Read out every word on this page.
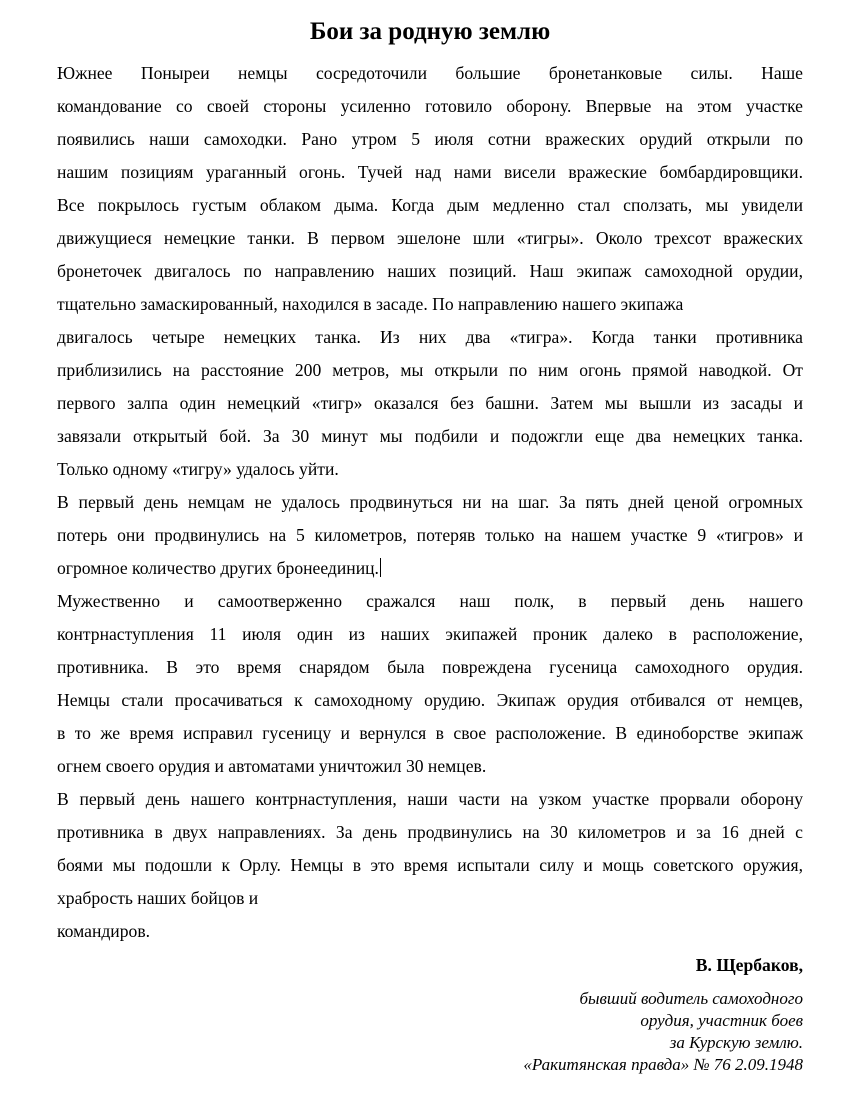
Бои за родную землю
Южнее Поныреи немцы сосредоточили большие бронетанковые силы. Наше
командование со своей стороны усиленно готовило оборону. Впервые на этом участке
появились наши самоходки. Рано утром 5 июля сотни вражеских орудий открыли по
нашим позициям ураганный огонь. Тучей над нами висели вражеские бомбардировщики.
Все покрылось густым облаком дыма. Когда дым медленно стал сползать, мы увидели
движущиеся немецкие танки. В первом эшелоне шли «тигры». Около трехсот вражеских
бронеточек двигалось по направлению наших позиций. Наш экипаж самоходной орудии,
тщательно замаскированный, находился в засаде. По направлению нашего экипажа
двигалось четыре немецких танка. Из них два «тигра». Когда танки противника
приблизились на расстояние 200 метров, мы открыли по ним огонь прямой наводкой. От
первого залпа один немецкий «тигр» оказался без башни. Затем мы вышли из засады и
завязали открытый бой. За 30 минут мы подбили и подожгли еще два немецких танка.
Только одному «тигру» удалось уйти.
В первый день немцам не удалось продвинуться ни на шаг. За пять дней ценой огромных
потерь они продвинулись на 5 километров, потеряв только на нашем участке 9 «тигров» и
огромное количество других бронеединиц.
Мужественно и самоотверженно сражался наш полк, в первый день нашего
контрнаступления 11 июля один из наших экипажей проник далеко в расположение,
противника. В это время снарядом была повреждена гусеница самоходного орудия.
Немцы стали просачиваться к самоходному орудию. Экипаж орудия отбивался от немцев,
в то же время исправил гусеницу и вернулся в свое расположение. В единоборстве экипаж
огнем своего орудия и автоматами уничтожил 30 немцев.
В первый день нашего контрнаступления, наши части на узком участке прорвали оборону
противника в двух направлениях. За день продвинулись на 30 километров и за 16 дней с
боями мы подошли к Орлу. Немцы в это время испытали силу и мощь советского оружия,
храбрость наших бойцов и
командиров.
В. Щербаков,
бывший водитель самоходного
орудия, участник боев
за Курскую землю.
«Ракитянская правда» № 76 2.09.1948
